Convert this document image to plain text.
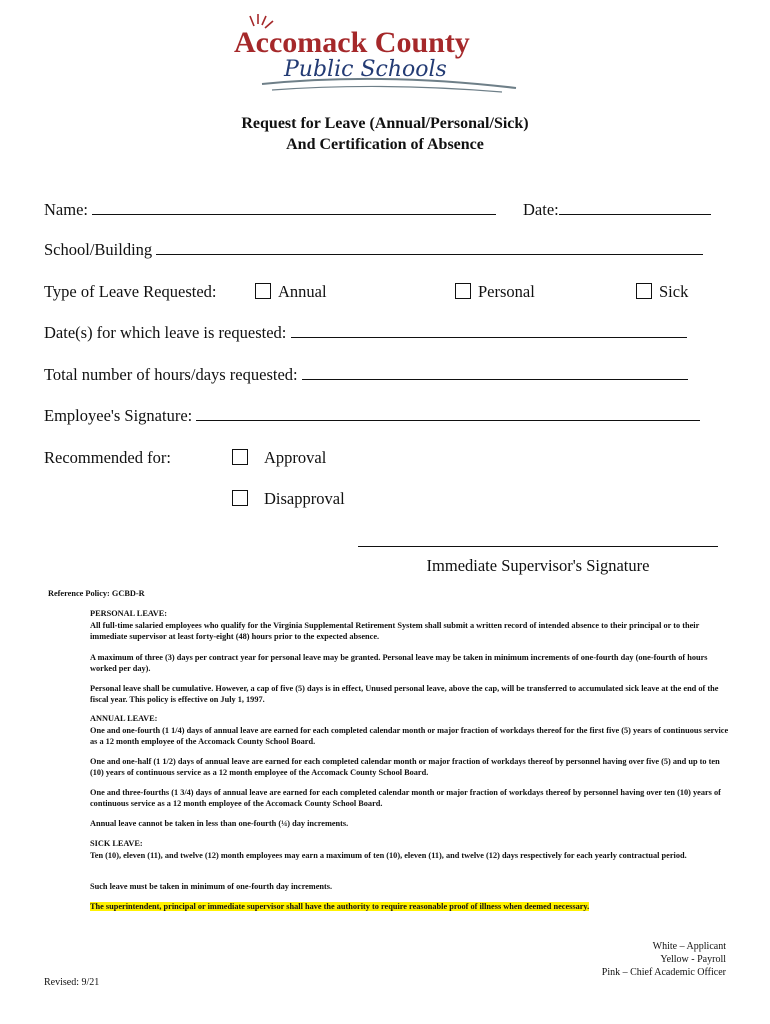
Accomack County
Public Schools
Request for Leave (Annual/Personal/Sick)
And Certification of Absence
Name:	Date:
School/Building
Type of Leave Requested:	Annual	Personal	Sick
Date(s) for which leave is requested:
Total number of hours/days requested:
Employee's Signature:
Recommended for:	Approval
Disapproval
Immediate Supervisor's Signature
Reference Policy: GCBD-R
PERSONAL LEAVE:
All full-time salaried employees who qualify for the Virginia Supplemental Retirement System shall submit a written record of intended absence to their principal or to their immediate supervisor at least forty-eight (48) hours prior to the expected absence.
A maximum of three (3) days per contract year for personal leave may be granted. Personal leave may be taken in minimum increments of one-fourth day (one-fourth of hours worked per day).
Personal leave shall be cumulative. However, a cap of five (5) days is in effect, Unused personal leave, above the cap, will be transferred to accumulated sick leave at the end of the fiscal year. This policy is effective on July 1, 1997.
ANNUAL LEAVE:
One and one-fourth (1 1/4) days of annual leave are earned for each completed calendar month or major fraction of workdays thereof for the first five (5) years of continuous service as a 12 month employee of the Accomack County School Board.
One and one-half (1 1/2) days of annual leave are earned for each completed calendar month or major fraction of workdays thereof by personnel having over five (5) and up to ten (10) years of continuous service as a 12 month employee of the Accomack County School Board.
One and three-fourths (1 3/4) days of annual leave are earned for each completed calendar month or major fraction of workdays thereof by personnel having over ten (10) years of continuous service as a 12 month employee of the Accomack County School Board.
Annual leave cannot be taken in less than one-fourth (¼) day increments.
SICK LEAVE:
Ten (10), eleven (11), and twelve (12) month employees may earn a maximum of ten (10), eleven (11), and twelve (12) days respectively for each yearly contractual period.
Such leave must be taken in minimum of one-fourth day increments.
The superintendent, principal or immediate supervisor shall have the authority to require reasonable proof of illness when deemed necessary.
White – Applicant
Yellow - Payroll
Pink – Chief Academic Officer
Revised: 9/21
